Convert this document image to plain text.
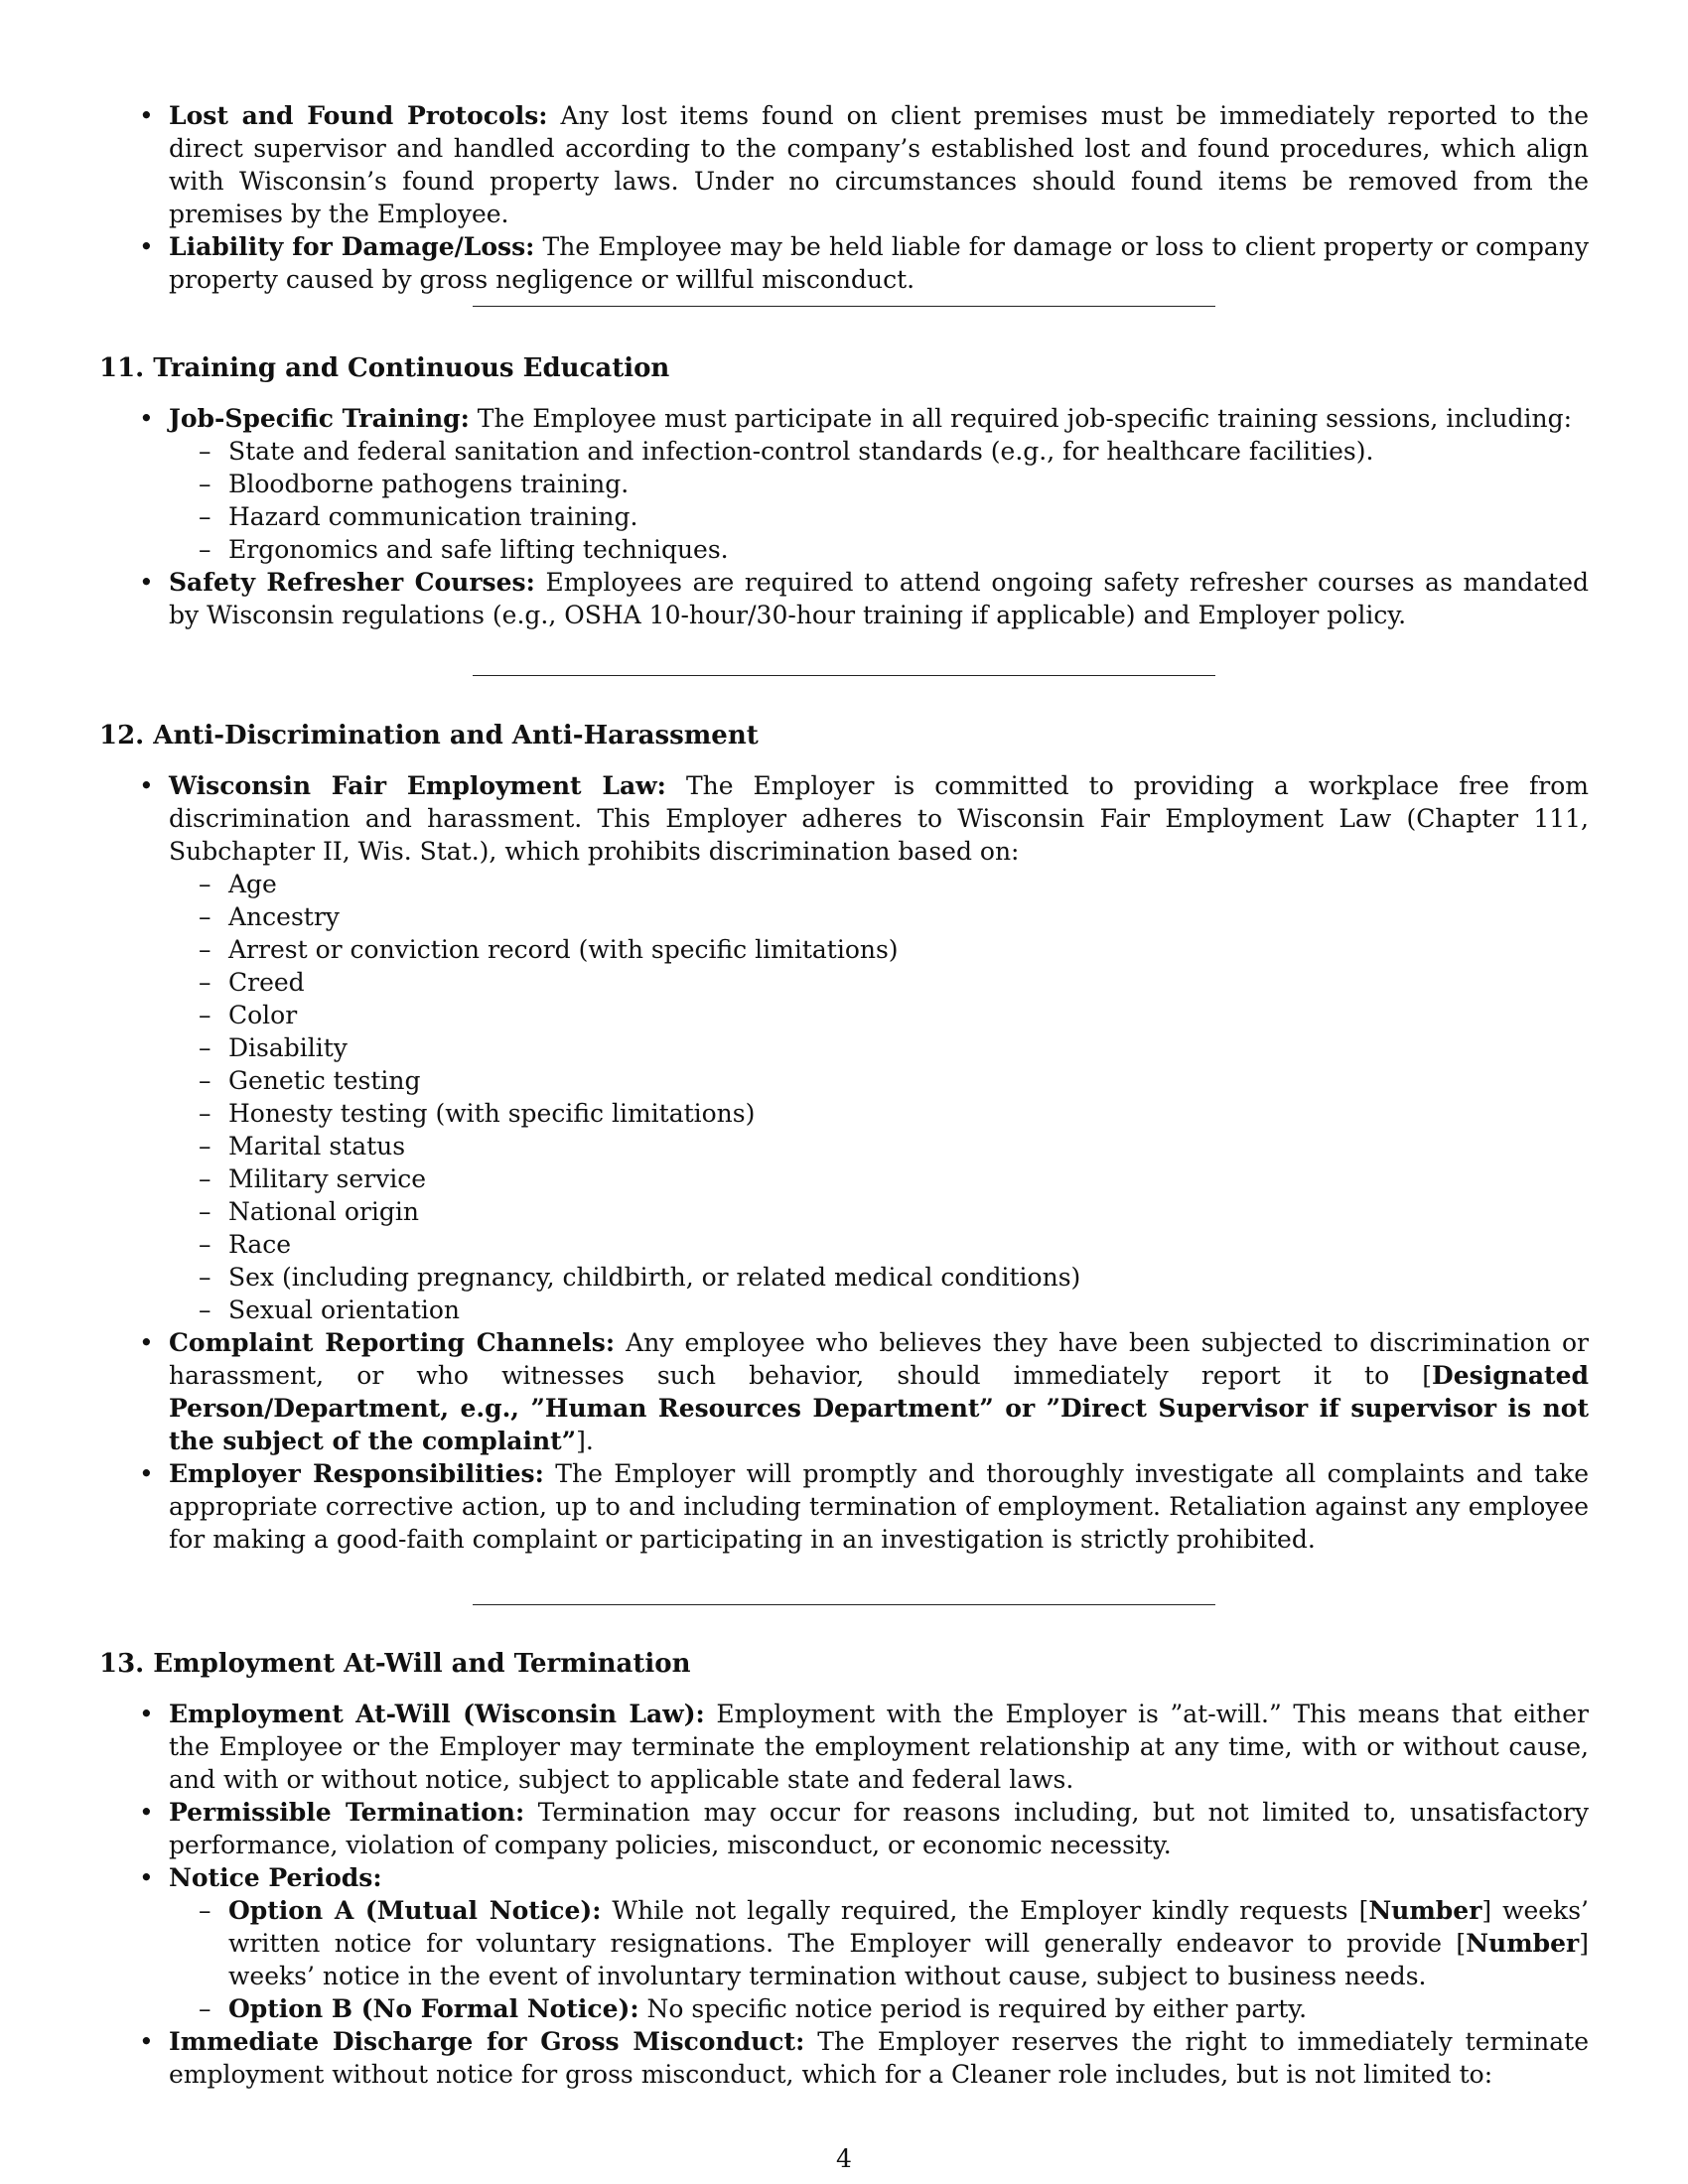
• Lost and Found Protocols: Any lost items found on client premises must be immediately reported to the direct supervisor and handled according to the company’s established lost and found procedures, which align with Wisconsin’s found property laws. Under no circumstances should found items be removed from the premises by the Employee.
• Liability for Damage/Loss: The Employee may be held liable for damage or loss to client property or company property caused by gross negligence or willful misconduct.
11. Training and Continuous Education
• Job-Specific Training: The Employee must participate in all required job-specific training sessions, including:
– State and federal sanitation and infection-control standards (e.g., for healthcare facilities).
– Bloodborne pathogens training.
– Hazard communication training.
– Ergonomics and safe lifting techniques.
• Safety Refresher Courses: Employees are required to attend ongoing safety refresher courses as mandated by Wisconsin regulations (e.g., OSHA 10-hour/30-hour training if applicable) and Employer policy.
12. Anti-Discrimination and Anti-Harassment
• Wisconsin Fair Employment Law: The Employer is committed to providing a workplace free from discrimination and harassment. This Employer adheres to Wisconsin Fair Employment Law (Chapter 111, Subchapter II, Wis. Stat.), which prohibits discrimination based on:
– Age
– Ancestry
– Arrest or conviction record (with specific limitations)
– Creed
– Color
– Disability
– Genetic testing
– Honesty testing (with specific limitations)
– Marital status
– Military service
– National origin
– Race
– Sex (including pregnancy, childbirth, or related medical conditions)
– Sexual orientation
• Complaint Reporting Channels: Any employee who believes they have been subjected to discrimination or harassment, or who witnesses such behavior, should immediately report it to [Designated Person/Department, e.g., ”Human Resources Department” or ”Direct Supervisor if supervisor is not the subject of the complaint”].
• Employer Responsibilities: The Employer will promptly and thoroughly investigate all complaints and take appropriate corrective action, up to and including termination of employment. Retaliation against any employee for making a good-faith complaint or participating in an investigation is strictly prohibited.
13. Employment At-Will and Termination
• Employment At-Will (Wisconsin Law): Employment with the Employer is ”at-will.” This means that either the Employee or the Employer may terminate the employment relationship at any time, with or without cause, and with or without notice, subject to applicable state and federal laws.
• Permissible Termination: Termination may occur for reasons including, but not limited to, unsatisfactory performance, violation of company policies, misconduct, or economic necessity.
• Notice Periods:
– Option A (Mutual Notice): While not legally required, the Employer kindly requests [Number] weeks’ written notice for voluntary resignations. The Employer will generally endeavor to provide [Number] weeks’ notice in the event of involuntary termination without cause, subject to business needs.
– Option B (No Formal Notice): No specific notice period is required by either party.
• Immediate Discharge for Gross Misconduct: The Employer reserves the right to immediately terminate employment without notice for gross misconduct, which for a Cleaner role includes, but is not limited to:
4
